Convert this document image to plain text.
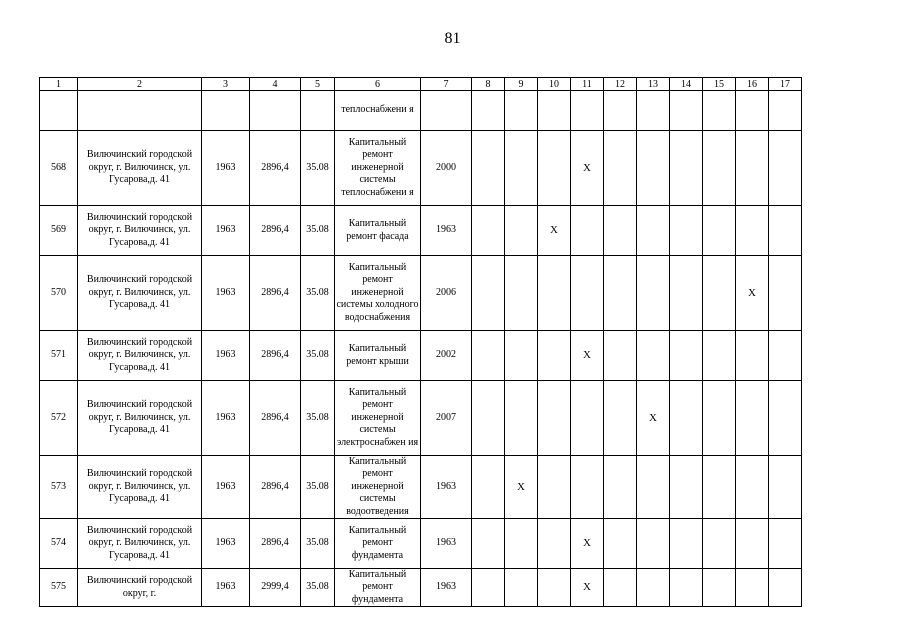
81
1	2	3	4	5	6	7	8	9	10	11	12	13	14	15	16	17
					теплоснабжени я											
568	Вилючинский городской округ, г. Вилючинск, ул. Гусарова,д. 41	1963	2896,4	35.08	Капитальный ремонт инженерной системы теплоснабжени я	2000				X						
569	Вилючинский городской округ, г. Вилючинск, ул. Гусарова,д. 41	1963	2896,4	35.08	Капитальный ремонт фасада	1963			X							
570	Вилючинский городской округ, г. Вилючинск, ул. Гусарова,д. 41	1963	2896,4	35.08	Капитальный ремонт инженерной системы холодного водоснабжения	2006									X	
571	Вилючинский городской округ, г. Вилючинск, ул. Гусарова,д. 41	1963	2896,4	35.08	Капитальный ремонт крыши	2002				X						
572	Вилючинский городской округ, г. Вилючинск, ул. Гусарова,д. 41	1963	2896,4	35.08	Капитальный ремонт инженерной системы электроснабжен ия	2007						X				
573	Вилючинский городской округ, г. Вилючинск, ул. Гусарова,д. 41	1963	2896,4	35.08	Капитальный ремонт инженерной системы водоотведения	1963		X								
574	Вилючинский городской округ, г. Вилючинск, ул. Гусарова,д. 41	1963	2896,4	35.08	Капитальный ремонт фундамента	1963				X						
575	Вилючинский городской округ, г.	1963	2999,4	35.08	Капитальный ремонт фундамента	1963				X						
